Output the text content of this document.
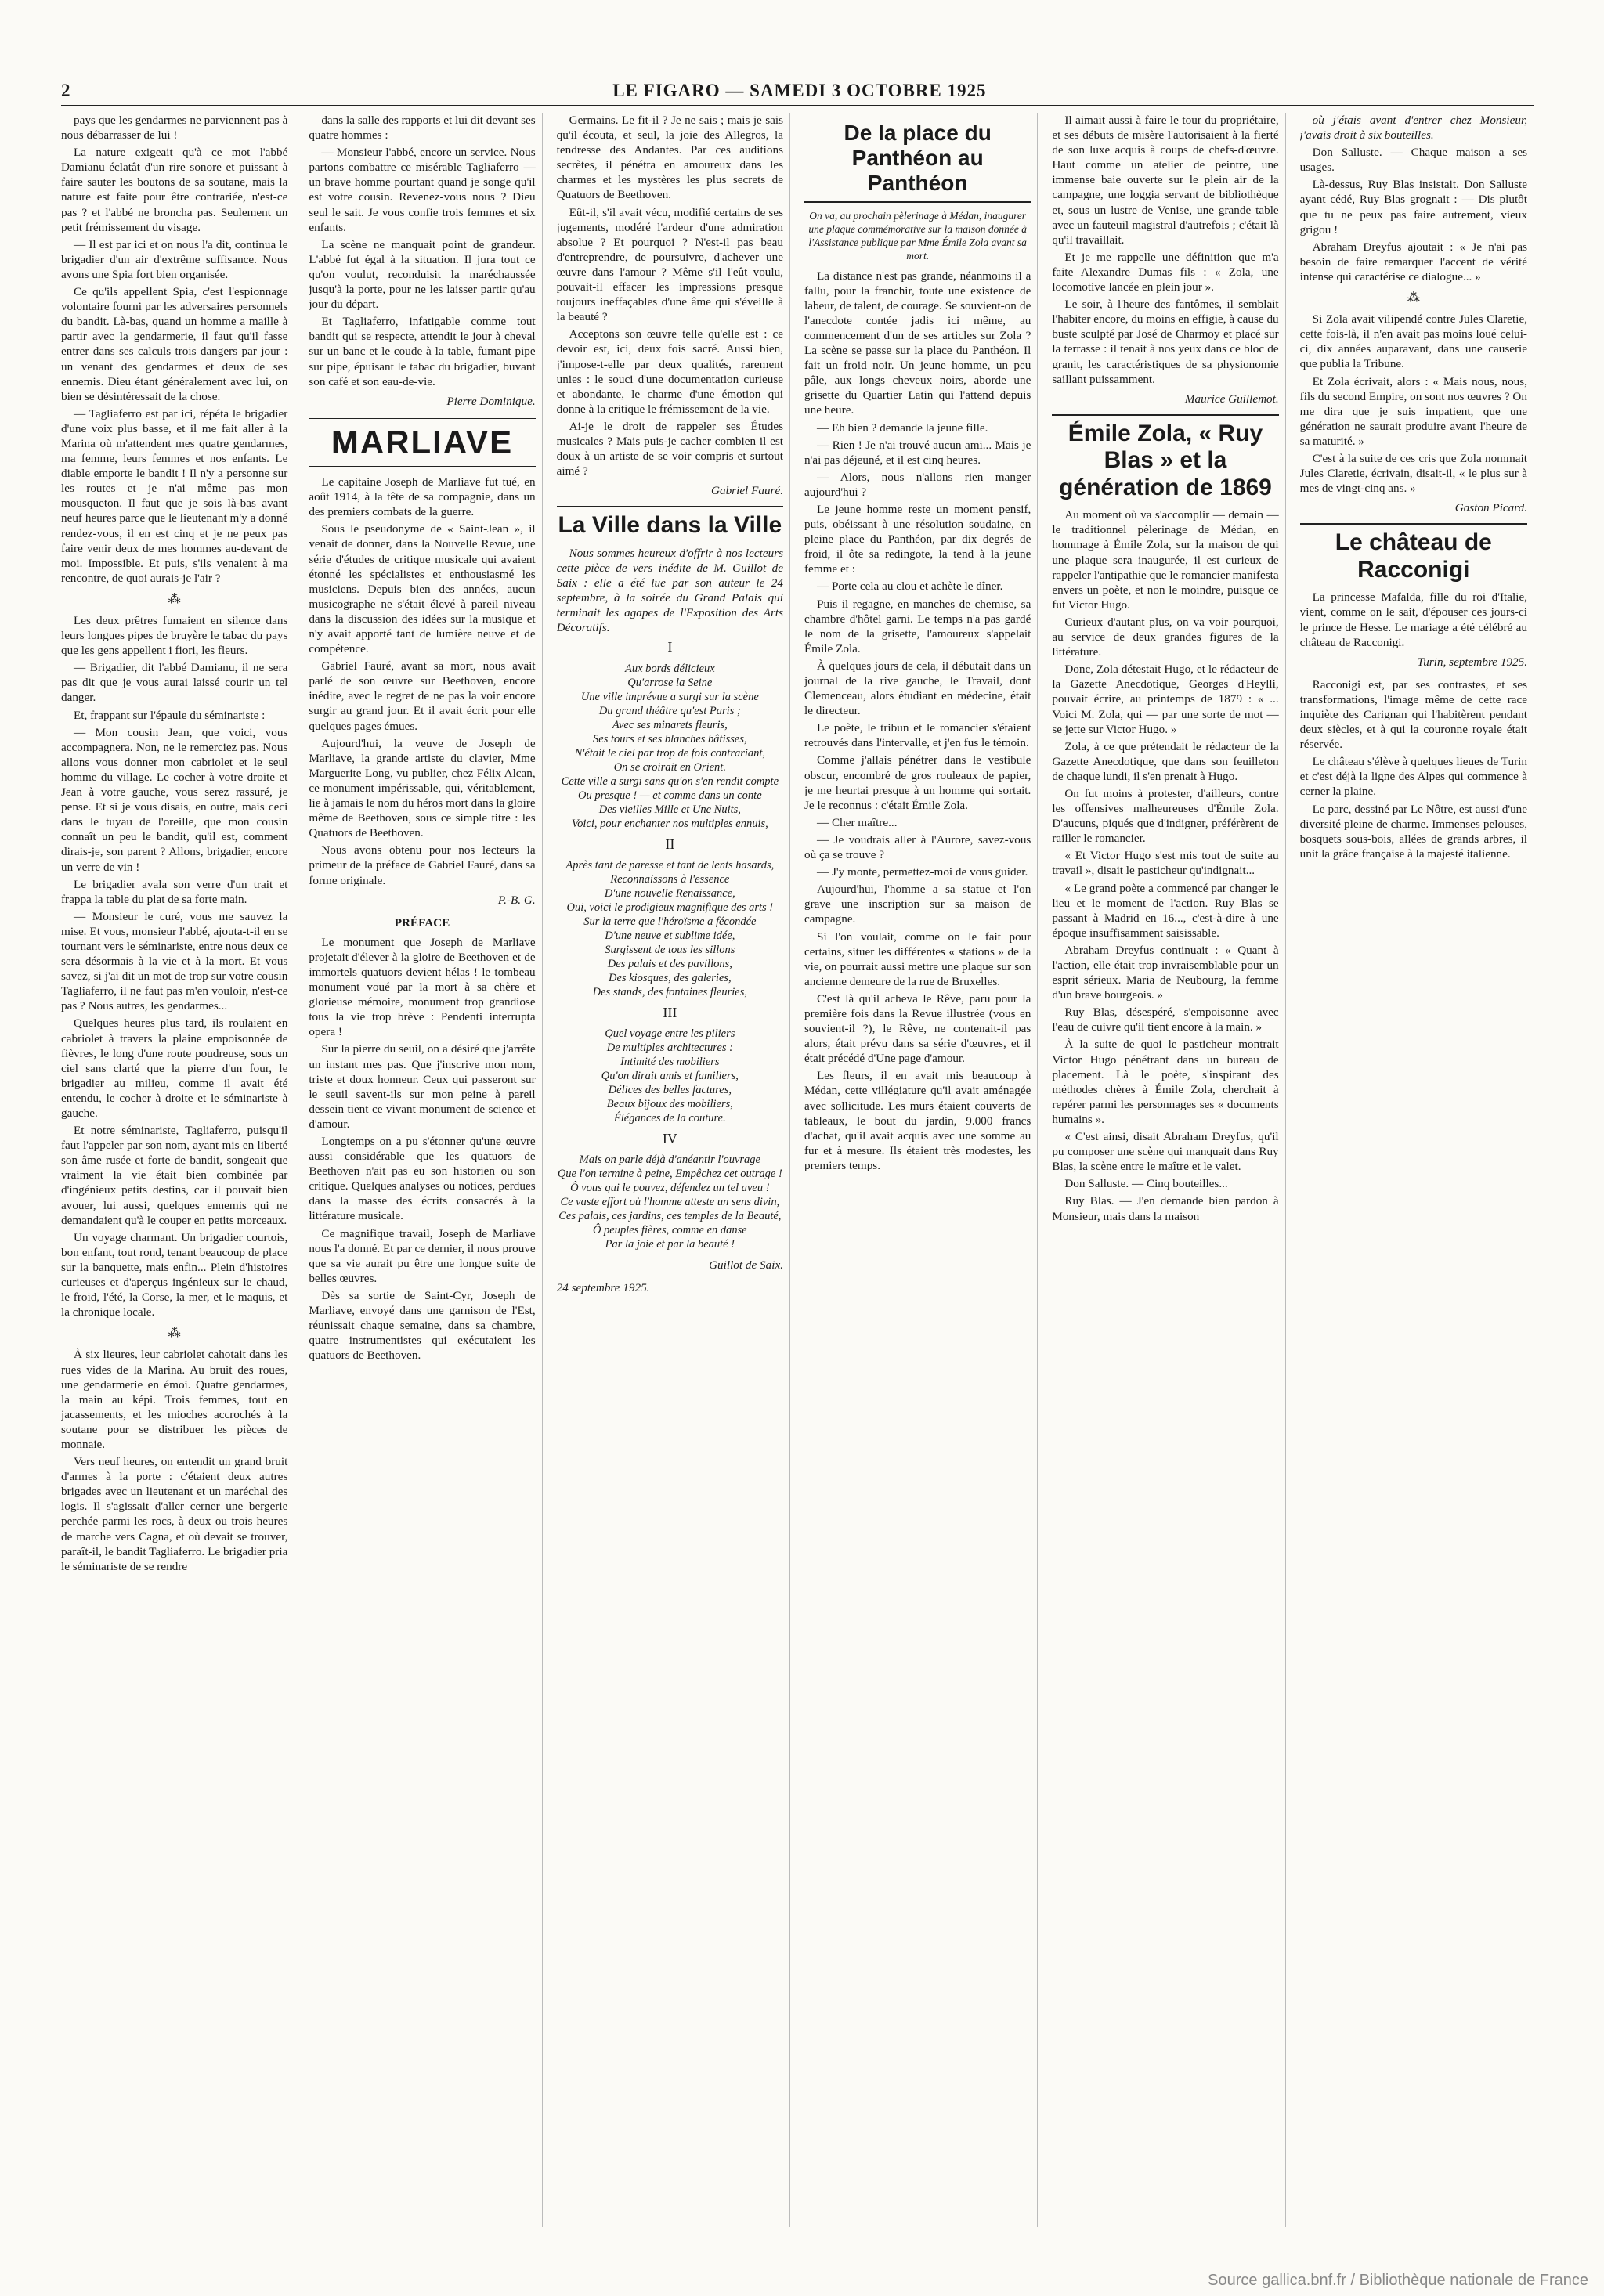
2	LE FIGARO — SAMEDI 3 OCTOBRE 1925

pays que les gendarmes ne parviennent pas à nous débarrasser de lui !

La nature exigeait qu'à ce mot l'abbé Damianu éclatât d'un rire sonore et puissant à faire sauter les boutons de sa soutane, mais la nature est faite pour être contrariée, n'est-ce pas ? et l'abbé ne broncha pas. Seulement un petit frémissement du visage.

— Il est par ici et on nous l'a dit, continua le brigadier d'un air d'extrême suffisance. Nous avons une Spia fort bien organisée.

Ce qu'ils appellent Spia, c'est l'espionnage volontaire fourni par les adversaires personnels du bandit. Là-bas, quand un homme a maille à partir avec la gendarmerie, il faut qu'il fasse entrer dans ses calculs trois dangers par jour : un venant des gendarmes et deux de ses ennemis. Dieu étant généralement avec lui, on bien se désintéressait de la chose.

— Tagliaferro est par ici, répéta le brigadier d'une voix plus basse, et il me fait aller à la Marina où m'attendent mes quatre gendarmes, ma femme, leurs femmes et nos enfants. Le diable emporte le bandit ! Il n'y a personne sur les routes et je n'ai même pas mon mousqueton. Il faut que je sois là-bas avant neuf heures parce que le lieutenant m'y a donné rendez-vous, il en est cinq et je ne peux pas faire venir deux de mes hommes au-devant de moi. Impossible. Et puis, s'ils venaient à ma rencontre, de quoi aurais-je l'air ?

⁂

Les deux prêtres fumaient en silence dans leurs longues pipes de bruyère le tabac du pays que les gens appellent i fiori, les fleurs.

— Brigadier, dit l'abbé Damianu, il ne sera pas dit que je vous aurai laissé courir un tel danger.

Et, frappant sur l'épaule du séminariste :

— Mon cousin Jean, que voici, vous accompagnera. Non, ne le remerciez pas. Nous allons vous donner mon cabriolet et le seul homme du village. Le cocher à votre droite et Jean à votre gauche, vous serez rassuré, je pense. Et si je vous disais, en outre, mais ceci dans le tuyau de l'oreille, que mon cousin connaît un peu le bandit, qu'il est, comment dirais-je, son parent ? Allons, brigadier, encore un verre de vin !

Le brigadier avala son verre d'un trait et frappa la table du plat de sa forte main.

— Monsieur le curé, vous me sauvez la mise. Et vous, monsieur l'abbé, ajouta-t-il en se tournant vers le séminariste, entre nous deux ce sera désormais à la vie et à la mort. Et vous savez, si j'ai dit un mot de trop sur votre cousin Tagliaferro, il ne faut pas m'en vouloir, n'est-ce pas ? Nous autres, les gendarmes...

Quelques heures plus tard, ils roulaient en cabriolet à travers la plaine empoisonnée de fièvres, le long d'une route poudreuse, sous un ciel sans clarté que la pierre d'un four, le brigadier au milieu, comme il avait été entendu, le cocher à droite et le séminariste à gauche.

Et notre séminariste, Tagliaferro, puisqu'il faut l'appeler par son nom, ayant mis en liberté son âme rusée et forte de bandit, songeait que vraiment la vie était bien combinée par d'ingénieux petits destins, car il pouvait bien avouer, lui aussi, quelques ennemis qui ne demandaient qu'à le couper en petits morceaux.

Un voyage charmant. Un brigadier courtois, bon enfant, tout rond, tenant beaucoup de place sur la banquette, mais enfin... Plein d'histoires curieuses et d'aperçus ingénieux sur le chaud, le froid, l'été, la Corse, la mer, et le maquis, et la chronique locale.

⁂

À six lieures, leur cabriolet cahotait dans les rues vides de la Marina. Au bruit des roues, une gendarmerie en émoi. Quatre gendarmes, la main au képi. Trois femmes, tout en jacassements, et les mioches accrochés à la soutane pour se distribuer les pièces de monnaie.

Vers neuf heures, on entendit un grand bruit d'armes à la porte : c'étaient deux autres brigades avec un lieutenant et un maréchal des logis. Il s'agissait d'aller cerner une bergerie perchée parmi les rocs, à deux ou trois heures de marche vers Cagna, et où devait se trouver, paraît-il, le bandit Tagliaferro. Le brigadier pria le séminariste de se rendre

dans la salle des rapports et lui dit devant ses quatre hommes :

— Monsieur l'abbé, encore un service. Nous partons combattre ce misérable Tagliaferro — un brave homme pourtant quand je songe qu'il est votre cousin. Revenez-vous nous ? Dieu seul le sait. Je vous confie trois femmes et six enfants.

La scène ne manquait point de grandeur. L'abbé fut égal à la situation. Il jura tout ce qu'on voulut, reconduisit la maréchaussée jusqu'à la porte, pour ne les laisser partir qu'au jour du départ.

Et Tagliaferro, infatigable comme tout bandit qui se respecte, attendit le jour à cheval sur un banc et le coude à la table, fumant pipe sur pipe, épuisant le tabac du brigadier, buvant son café et son eau-de-vie.

Pierre Dominique.
MARLIAVE

Le capitaine Joseph de Marliave fut tué, en août 1914, à la tête de sa compagnie, dans un des premiers combats de la guerre.

Sous le pseudonyme de « Saint-Jean », il venait de donner, dans la Nouvelle Revue, une série d'études de critique musicale qui avaient étonné les spécialistes et enthousiasmé les musiciens. Depuis bien des années, aucun musicographe ne s'était élevé à pareil niveau dans la discussion des idées sur la musique et n'y avait apporté tant de lumière neuve et de compétence.

Gabriel Fauré, avant sa mort, nous avait parlé de son œuvre sur Beethoven, encore inédite, avec le regret de ne pas la voir encore surgir au grand jour. Et il avait écrit pour elle quelques pages émues.

Aujourd'hui, la veuve de Joseph de Marliave, la grande artiste du clavier, Mme Marguerite Long, vu publier, chez Félix Alcan, ce monument impérissable, qui, véritablement, lie à jamais le nom du héros mort dans la gloire même de Beethoven, sous ce simple titre : les Quatuors de Beethoven.

Nous avons obtenu pour nos lecteurs la primeur de la préface de Gabriel Fauré, dans sa forme originale.

P.-B. G.
PRÉFACE

Le monument que Joseph de Marliave projetait d'élever à la gloire de Beethoven et de immortels quatuors devient hélas ! le tombeau monument voué par la mort à sa chère et glorieuse mémoire, monument trop grandiose tous la vie trop brève : Pendenti interrupta opera !

Sur la pierre du seuil, on a désiré que j'arrête un instant mes pas. Que j'inscrive mon nom, triste et doux honneur. Ceux qui passeront sur le seuil savent-ils sur mon peine à pareil dessein tient ce vivant monument de science et d'amour.

Longtemps on a pu s'étonner qu'une œuvre aussi considérable que les quatuors de Beethoven n'ait pas eu son historien ou son critique. Quelques analyses ou notices, perdues dans la masse des écrits consacrés à la littérature musicale.

Ce magnifique travail, Joseph de Marliave nous l'a donné. Et par ce dernier, il nous prouve que sa vie aurait pu être une longue suite de belles œuvres.

Dès sa sortie de Saint-Cyr, Joseph de Marliave, envoyé dans une garnison de l'Est, réunissait chaque semaine, dans sa chambre, quatre instrumentistes qui exécutaient les quatuors de Beethoven.

Germains. Le fit-il ? Je ne sais ; mais je sais qu'il écouta, et seul, la joie des Allegros, la tendresse des Andantes. Par ces auditions secrètes, il pénétra en amoureux dans les charmes et les mystères les plus secrets de Quatuors de Beethoven.

Eût-il, s'il avait vécu, modifié certains de ses jugements, modéré l'ardeur d'une admiration absolue ? Et pourquoi ? N'est-il pas beau d'entreprendre, de poursuivre, d'achever une œuvre dans l'amour ? Même s'il l'eût voulu, pouvait-il effacer les impressions presque toujours ineffaçables d'une âme qui s'éveille à la beauté ?

Acceptons son œuvre telle qu'elle est : ce devoir est, ici, deux fois sacré. Aussi bien, j'impose-t-elle par deux qualités, rarement unies : le souci d'une documentation curieuse et abondante, le charme d'une émotion qui donne à la critique le frémissement de la vie.

Ai-je le droit de rappeler ses Études musicales ? Mais puis-je cacher combien il est doux à un artiste de se voir compris et surtout aimé ?

Gabriel Fauré.
La Ville dans la Ville

Nous sommes heureux d'offrir à nos lecteurs cette pièce de vers inédite de M. Guillot de Saix : elle a été lue par son auteur le 24 septembre, à la soirée du Grand Palais qui terminait les agapes de l'Exposition des Arts Décoratifs.

I
Aux bords délicieux
Qu'arrose la Seine
Une ville imprévue a surgi sur la scène
Du grand théâtre qu'est Paris ;
Avec ses minarets fleuris,
Ses tours et ses blanches bâtisses,
N'était le ciel par trop de fois contrariant,
On se croirait en Orient.
Cette ville a surgi sans qu'on s'en rendit compte
Ou presque ! — et comme dans un conte
Des vieilles Mille et Une Nuits,
Voici, pour enchanter nos multiples ennuis,
II
Après tant de paresse et tant de lents hasards,
Reconnaissons à l'essence
D'une nouvelle Renaissance,
Oui, voici le prodigieux magnifique des arts !
Sur la terre que l'héroïsme a fécondée
D'une neuve et sublime idée,
Surgissent de tous les sillons
Des palais et des pavillons,
Des kiosques, des galeries,
Des stands, des fontaines fleuries,
III
Quel voyage entre les piliers
De multiples architectures :
Intimité des mobiliers
Qu'on dirait amis et familiers,
Délices des belles factures,
Beaux bijoux des mobiliers,
Élégances de la couture.
IV
Mais on parle déjà d'anéantir l'ouvrage
Que l'on termine à peine, Empêchez cet outrage !
Ô vous qui le pouvez, défendez un tel aveu !
Ce vaste effort où l'homme atteste un sens divin,
Ces palais, ces jardins, ces temples de la Beauté,
Ô peuples fières, comme en danse
Par la joie et par la beauté !
Guillot de Saix.
24 septembre 1925.
De la place du Panthéon au Panthéon
On va, au prochain pèlerinage à Médan, inaugurer une plaque commémorative sur la maison donnée à l'Assistance publique par Mme Émile Zola avant sa mort.

La distance n'est pas grande, néanmoins il a fallu, pour la franchir, toute une existence de labeur, de talent, de courage. Se souvient-on de l'anecdote contée jadis ici même, au commencement d'un de ses articles sur Zola ? La scène se passe sur la place du Panthéon. Il fait un froid noir. Un jeune homme, un peu pâle, aux longs cheveux noirs, aborde une grisette du Quartier Latin qui l'attend depuis une heure.

— Eh bien ? demande la jeune fille.

— Rien ! Je n'ai trouvé aucun ami... Mais je n'ai pas déjeuné, et il est cinq heures.

— Alors, nous n'allons rien manger aujourd'hui ?

Le jeune homme reste un moment pensif, puis, obéissant à une résolution soudaine, en pleine place du Panthéon, par dix degrés de froid, il ôte sa redingote, la tend à la jeune femme et :

— Porte cela au clou et achète le dîner.

Puis il regagne, en manches de chemise, sa chambre d'hôtel garni. Le temps n'a pas gardé le nom de la grisette, l'amoureux s'appelait Émile Zola.

À quelques jours de cela, il débutait dans un journal de la rive gauche, le Travail, dont Clemenceau, alors étudiant en médecine, était le directeur.

Le poète, le tribun et le romancier s'étaient retrouvés dans l'intervalle, et j'en fus le témoin.

Comme j'allais pénétrer dans le vestibule obscur, encombré de gros rouleaux de papier, je me heurtai presque à un homme qui sortait. Je le reconnus : c'était Émile Zola.

— Cher maître...

— Je voudrais aller à l'Aurore, savez-vous où ça se trouve ?

— J'y monte, permettez-moi de vous guider.

Aujourd'hui, l'homme a sa statue et l'on grave une inscription sur sa maison de campagne.

Si l'on voulait, comme on le fait pour certains, situer les différentes « stations » de la vie, on pourrait aussi mettre une plaque sur son ancienne demeure de la rue de Bruxelles.

C'est là qu'il acheva le Rêve, paru pour la première fois dans la Revue illustrée (vous en souvient-il ?), le Rêve, ne contenait-il pas alors, était prévu dans sa série d'œuvres, et il était précédé d'Une page d'amour.

Les fleurs, il en avait mis beaucoup à Médan, cette villégiature qu'il avait aménagée avec sollicitude. Les murs étaient couverts de tableaux, le bout du jardin, 9.000 francs d'achat, qu'il avait acquis avec une somme au fur et à mesure. Ils étaient très modestes, les premiers temps.

Il aimait aussi à faire le tour du propriétaire, et ses débuts de misère l'autorisaient à la fierté de son luxe acquis à coups de chefs-d'œuvre. Haut comme un atelier de peintre, une immense baie ouverte sur le plein air de la campagne, une loggia servant de bibliothèque et, sous un lustre de Venise, une grande table avec un fauteuil magistral d'autrefois ; c'était là qu'il travaillait.

Et je me rappelle une définition que m'a faite Alexandre Dumas fils : « Zola, une locomotive lancée en plein jour ».

Le soir, à l'heure des fantômes, il semblait l'habiter encore, du moins en effigie, à cause du buste sculpté par José de Charmoy et placé sur la terrasse : il tenait à nos yeux dans ce bloc de granit, les caractéristiques de sa physionomie saillant puissamment.

Maurice Guillemot.
Émile Zola, « Ruy Blas » et la génération de 1869

Au moment où va s'accomplir — demain — le traditionnel pèlerinage de Médan, en hommage à Émile Zola, sur la maison de qui une plaque sera inaugurée, il est curieux de rappeler l'antipathie que le romancier manifesta envers un poète, et non le moindre, puisque ce fut Victor Hugo.

Curieux d'autant plus, on va voir pourquoi, au service de deux grandes figures de la littérature.

Donc, Zola détestait Hugo, et le rédacteur de la Gazette Anecdotique, Georges d'Heylli, pouvait écrire, au printemps de 1879 : « ... Voici M. Zola, qui — par une sorte de mot — se jette sur Victor Hugo. »

Zola, à ce que prétendait le rédacteur de la Gazette Anecdotique, que dans son feuilleton de chaque lundi, il s'en prenait à Hugo.

On fut moins à protester, d'ailleurs, contre les offensives malheureuses d'Émile Zola. D'aucuns, piqués que d'indigner, préférèrent de railler le romancier.

« Et Victor Hugo s'est mis tout de suite au travail », disait le pasticheur qu'indignait...

« Le grand poète a commencé par changer le lieu et le moment de l'action. Ruy Blas se passant à Madrid en 16..., c'est-à-dire à une époque insuffisamment saisissable.

Abraham Dreyfus continuait : « Quant à l'action, elle était trop invraisemblable pour un esprit sérieux. Maria de Neubourg, la femme d'un brave bourgeois. »

Ruy Blas, désespéré, s'empoisonne avec l'eau de cuivre qu'il tient encore à la main. »

À la suite de quoi le pasticheur montrait Victor Hugo pénétrant dans un bureau de placement. Là le poète, s'inspirant des méthodes chères à Émile Zola, cherchait à repérer parmi les personnages ses « documents humains ».

« C'est ainsi, disait Abraham Dreyfus, qu'il pu composer une scène qui manquait dans Ruy Blas, la scène entre le maître et le valet.

Don Salluste. — Cinq bouteilles...

Ruy Blas. — J'en demande bien pardon à Monsieur, mais dans la maison

où j'étais avant d'entrer chez Monsieur, j'avais droit à six bouteilles.

Don Salluste. — Chaque maison a ses usages.

Là-dessus, Ruy Blas insistait. Don Salluste ayant cédé, Ruy Blas grognait : — Dis plutôt que tu ne peux pas faire autrement, vieux grigou !

Abraham Dreyfus ajoutait : « Je n'ai pas besoin de faire remarquer l'accent de vérité intense qui caractérise ce dialogue... »

⁂

Si Zola avait vilipendé contre Jules Claretie, cette fois-là, il n'en avait pas moins loué celui-ci, dix années auparavant, dans une causerie que publia la Tribune.

Et Zola écrivait, alors : « Mais nous, nous, fils du second Empire, on sont nos œuvres ? On me dira que je suis impatient, que une génération ne saurait produire avant l'heure de sa maturité. »

C'est à la suite de ces cris que Zola nommait Jules Claretie, écrivain, disait-il, « le plus sur à mes de vingt-cinq ans. »

Gaston Picard.
Le château de Racconigi

La princesse Mafalda, fille du roi d'Italie, vient, comme on le sait, d'épouser ces jours-ci le prince de Hesse. Le mariage a été célébré au château de Racconigi.

Turin, septembre 1925.

Racconigi est, par ses contrastes, et ses transformations, l'image même de cette race inquiète des Carignan qui l'habitèrent pendant deux siècles, et à qui la couronne royale était réservée.

Le château s'élève à quelques lieues de Turin et c'est déjà la ligne des Alpes qui commence à cerner la plaine.

Le parc, dessiné par Le Nôtre, est aussi d'une diversité pleine de charme. Immenses pelouses, bosquets sous-bois, allées de grands arbres, il unit la grâce française à la majesté italienne.

Source gallica.bnf.fr / Bibliothèque nationale de France
